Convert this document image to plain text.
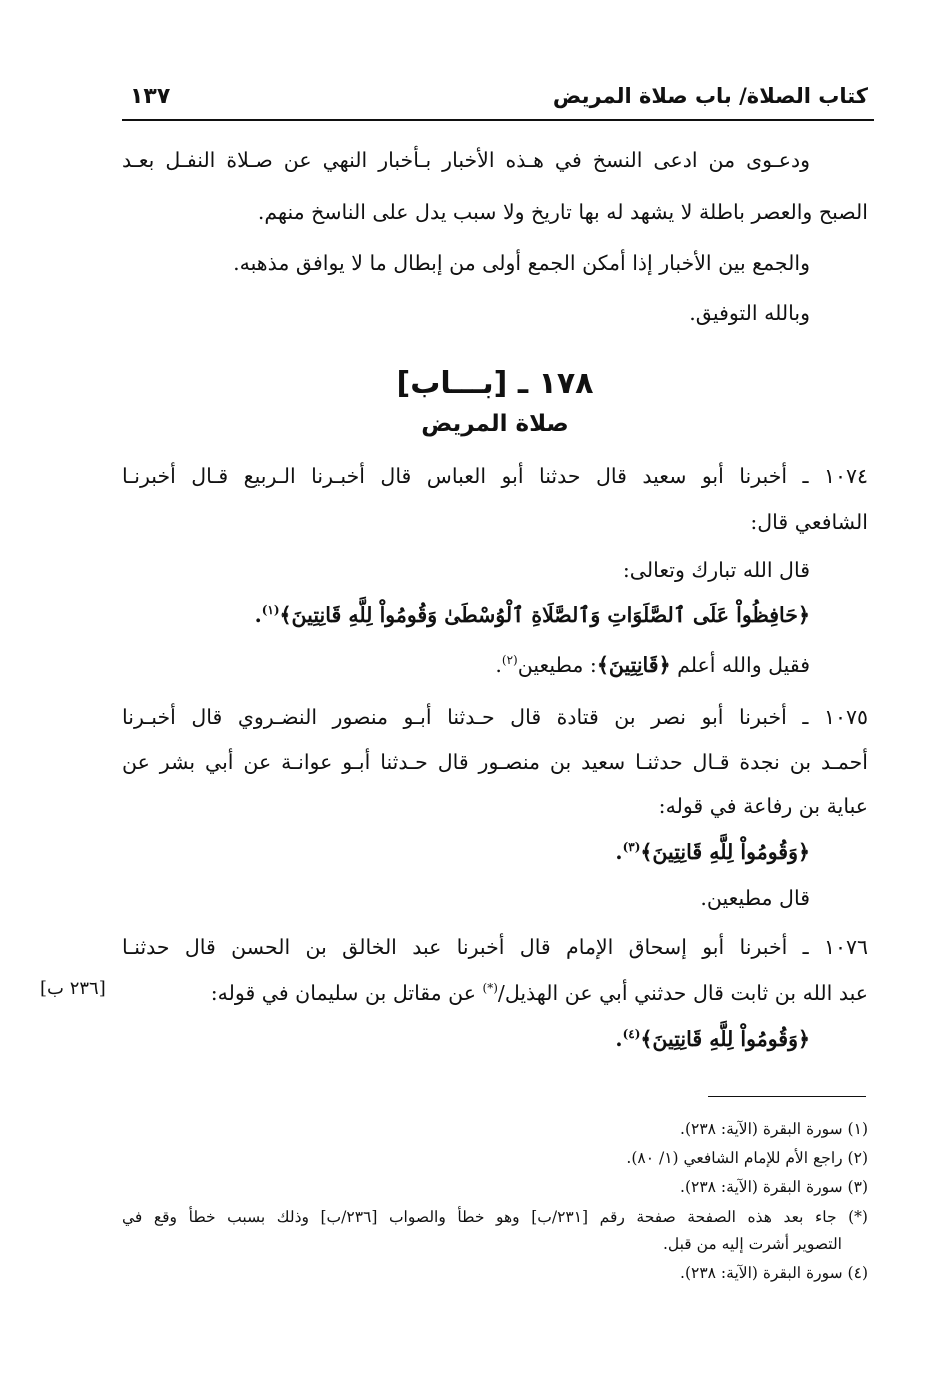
كتاب الصلاة/ باب صلاة المريض
١٣٧
ودعـوى من ادعى النسخ في هـذه الأخبار بـأخبار النهي عن صـلاة النفـل بعـد
الصبح والعصر باطلة لا يشهد له بها تاريخ ولا سبب يدل على الناسخ منهم.
والجمع بين الأخبار إذا أمكن الجمع أولى من إبطال ما لا يوافق مذهبه.
وبالله التوفيق.
١٧٨ ـ [بـــاب]
صلاة المريض
١٠٧٤ ـ أخبرنا أبو سعيد قال حدثنا أبو العباس قال أخبـرنا الـربيع قـال أخبرنـا
الشافعي قال:
قال الله تبارك وتعالى:
﴿حَافِظُواْ عَلَى ٱلصَّلَوَاتِ وَٱلصَّلَاةِ ٱلْوُسْطَىٰ وَقُومُواْ لِلَّهِ قَانِتِينَ﴾$^{(١)}$.
فقيل والله أعلم ﴿قَانِتِينَ﴾: مطيعين$^{(٢)}$.
١٠٧٥ ـ أخبرنا أبو نصر بن قتادة قال حـدثنا أبـو منصور النضـروي قال أخبـرنا
أحمـد بن نجدة قـال حدثنـا سعيد بن منصـور قال حـدثنا أبـو عوانـة عن أبي بشر عن
عباية بن رفاعة في قوله:
﴿وَقُومُواْ لِلَّهِ قَانِتِينَ﴾$^{(٣)}$.
قال مطيعين.
١٠٧٦ ـ أخبرنا أبو إسحاق الإمام قال أخبرنا عبد الخالق بن الحسن قال حدثنـا
عبد الله بن ثابت قال حدثني أبي عن الهذيل/(*) عن مقاتل بن سليمان في قوله:
﴿وَقُومُواْ لِلَّهِ قَانِتِينَ﴾$^{(٤)}$.
[٢٣٦ ب]
(١) سورة البقرة (الآية: ٢٣٨).
(٢) راجع الأم للإمام الشافعي (١/ ٨٠).
(٣) سورة البقرة (الآية: ٢٣٨).
(*) جاء بعد هذه الصفحة صفحة رقم [٢٣١/ب] وهو خطأ والصواب [٢٣٦/ب] وذلك بسبب خطأ وقع في
التصوير أشرت إليه من قبل.
(٤) سورة البقرة (الآية: ٢٣٨).
